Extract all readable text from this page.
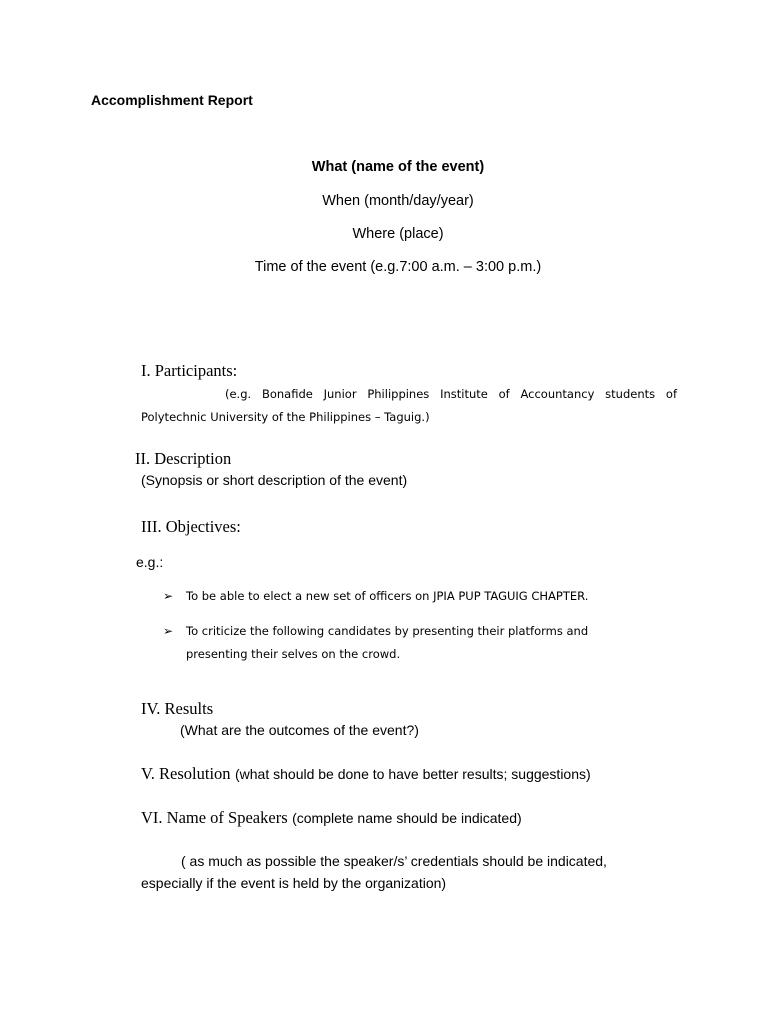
Accomplishment Report
What (name of the event)
When (month/day/year)
Where (place)
Time of the event (e.g.7:00 a.m. – 3:00 p.m.)
I. Participants:
(e.g. Bonafide Junior Philippines Institute of Accountancy students of Polytechnic University of the Philippines – Taguig.)
II. Description
(Synopsis or short description of the event)
III. Objectives:
e.g.:
➢ To be able to elect a new set of officers on JPIA PUP TAGUIG CHAPTER.
➢ To criticize the following candidates by presenting their platforms and presenting their selves on the crowd.
IV. Results
(What are the outcomes of the event?)
V. Resolution (what should be done to have better results; suggestions)
VI. Name of Speakers (complete name should be indicated)
( as much as possible the speaker/s’ credentials should be indicated, especially if the event is held by the organization)
